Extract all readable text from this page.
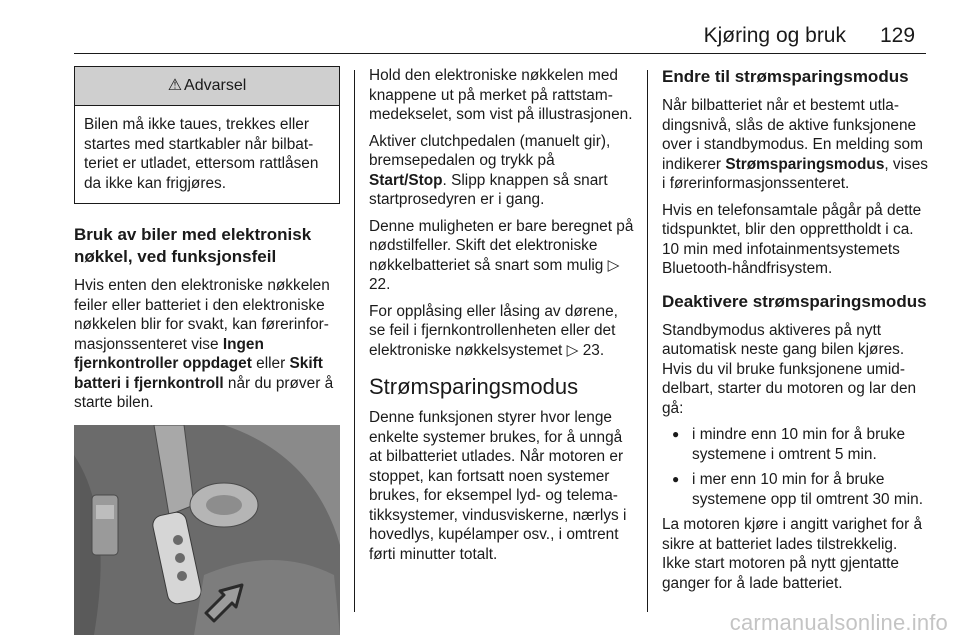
Kjøring og bruk 129
⚠ Advarsel
Bilen må ikke taues, trekkes eller startes med startkabler når bilbatteriet er utladet, ettersom rattlåsen da ikke kan frigjøres.
Bruk av biler med elektronisk nøkkel, ved funksjonsfeil

Hvis enten den elektroniske nøkkelen feiler eller batteriet i den elektroniske nøkkelen blir for svakt, kan førerinformasjonssenteret vise Ingen fjernkontroller oppdaget eller Skift batteri i fjernkontroll når du prøver å starte bilen.

Hold den elektroniske nøkkelen med knappene ut på merket på rattstammedekselet, som vist på illustrasjonen.

Aktiver clutchpedalen (manuelt gir), bremsepedalen og trykk på Start/Stop. Slipp knappen så snart startprosedyren er i gang.

Denne muligheten er bare beregnet på nødstilfeller. Skift det elektroniske nøkkelbatteriet så snart som mulig ▷ 22.

For opplåsing eller låsing av dørene, se feil i fjernkontrollenheten eller det elektroniske nøkkelsystemet ▷ 23.

Strømsparingsmodus

Denne funksjonen styrer hvor lenge enkelte systemer brukes, for å unngå at bilbatteriet utlades. Når motoren er stoppet, kan fortsatt noen systemer brukes, for eksempel lyd- og telematikksystemer, vindusviskerne, nærlys i hovedlys, kupélamper osv., i omtrent førti minutter totalt.

Endre til strømsparingsmodus

Når bilbatteriet når et bestemt utladingsnivå, slås de aktive funksjonene over i standbymodus. En melding som indikerer Strømsparingsmodus, vises i førerinformasjonssenteret.

Hvis en telefonsamtale pågår på dette tidspunktet, blir den opprettholdt i ca. 10 min med infotainmentsystemets Bluetooth-håndfrisystem.

Deaktivere strømsparingsmodus

Standbymodus aktiveres på nytt automatisk neste gang bilen kjøres. Hvis du vil bruke funksjonene umiddelbart, starter du motoren og lar den gå:

● i mindre enn 10 min for å bruke systemene i omtrent 5 min.
● i mer enn 10 min for å bruke systemene opp til omtrent 30 min.

La motoren kjøre i angitt varighet for å sikre at batteriet lades tilstrekkelig. Ikke start motoren på nytt gjentatte ganger for å lade batteriet.

carmanualsonline.info
